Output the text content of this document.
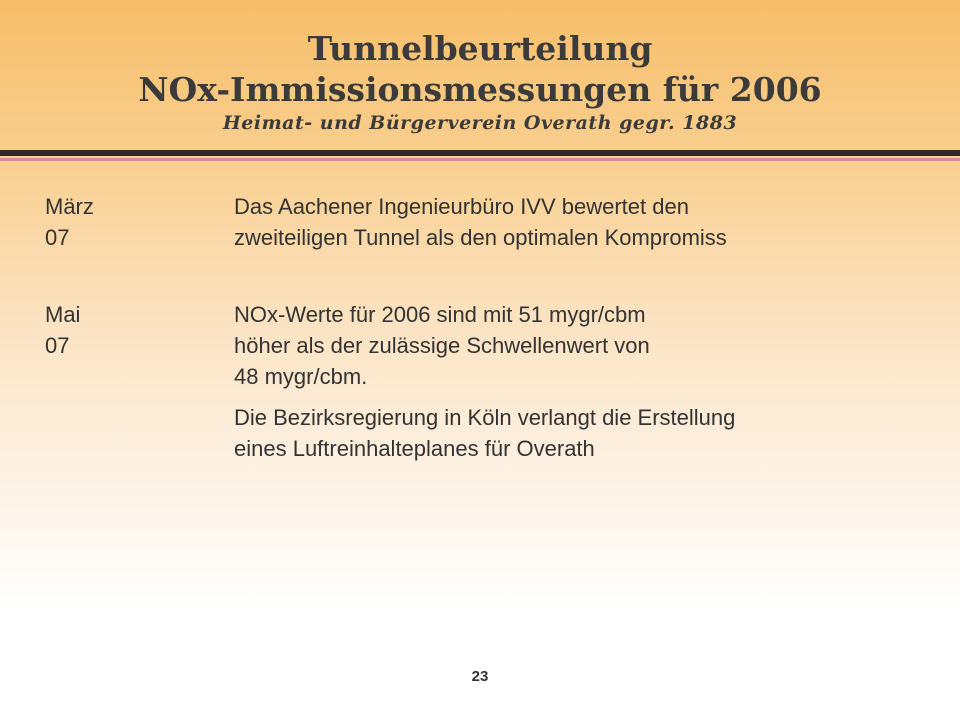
Tunnelbeurteilung
NOx-Immissionsmessungen für 2006
Heimat- und Bürgerverein Overath gegr. 1883
März 07
Das Aachener Ingenieurbüro IVV bewertet den
zweiteiligen Tunnel als den optimalen Kompromiss
Mai 07
NOx-Werte für 2006 sind mit 51 mygr/cbm
höher als der zulässige Schwellenwert von
48 mygr/cbm.
Die Bezirksregierung in Köln verlangt die Erstellung
eines Luftreinhalteplanes für Overath
23
